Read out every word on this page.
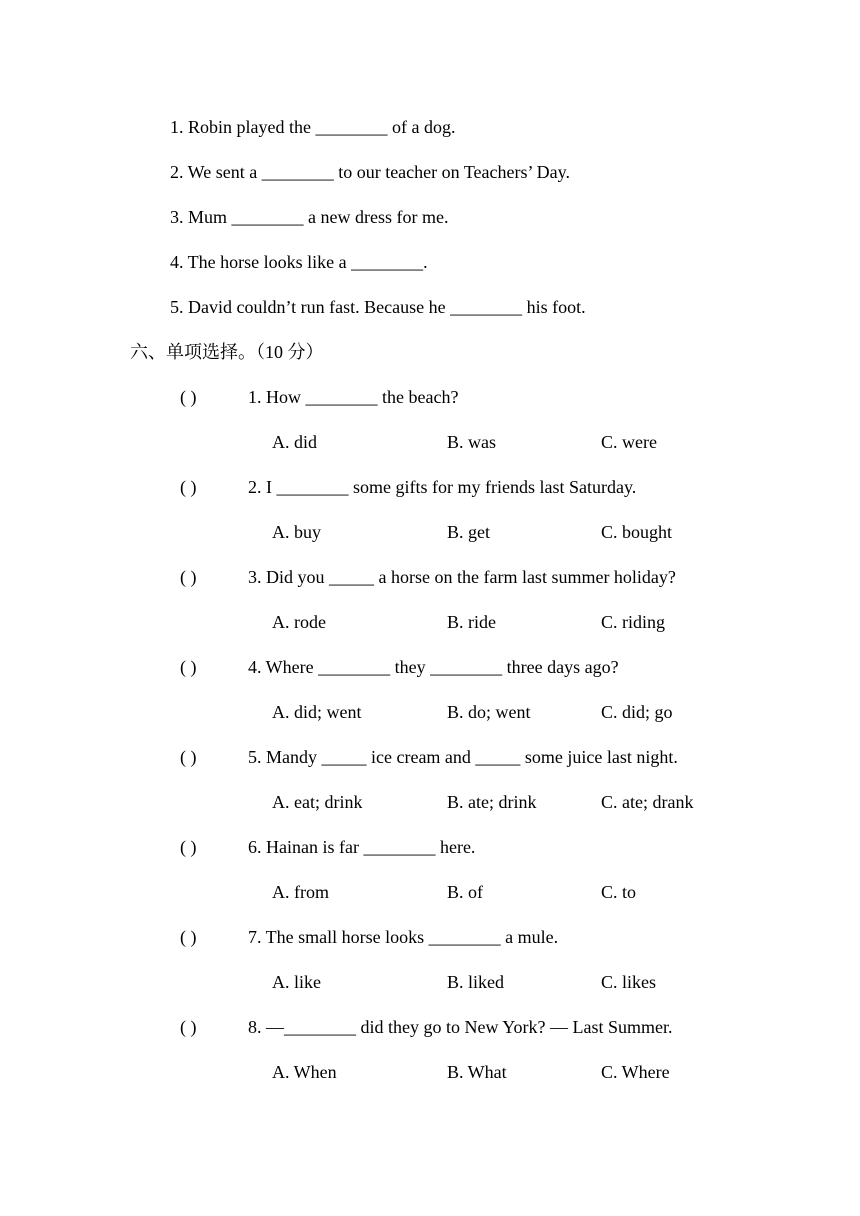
1. Robin played the ________ of a dog.
2. We sent a ________ to our teacher on Teachers’ Day.
3. Mum ________ a new dress for me.
4. The horse looks like a ________.
5. David couldn’t run fast. Because he ________ his foot.
六、单项选择。（10 分）
( )	1. How ________ the beach?
A. did	B. was	C. were
( )	2. I ________ some gifts for my friends last Saturday.
A. buy	B. get	C. bought
( )	3. Did you _____ a horse on the farm last summer holiday?
A. rode	B. ride	C. riding
( )	4. Where ________ they ________ three days ago?
A. did; went	B. do; went	C. did; go
( )	5. Mandy _____ ice cream and _____ some juice last night.
A. eat; drink	B. ate; drink	C. ate; drank
( )	6. Hainan is far ________ here.
A. from	B. of	C. to
( )	7. The small horse looks ________ a mule.
A. like	B. liked	C. likes
( )	8. —________ did they go to New York? — Last Summer.
A. When	B. What	C. Where
